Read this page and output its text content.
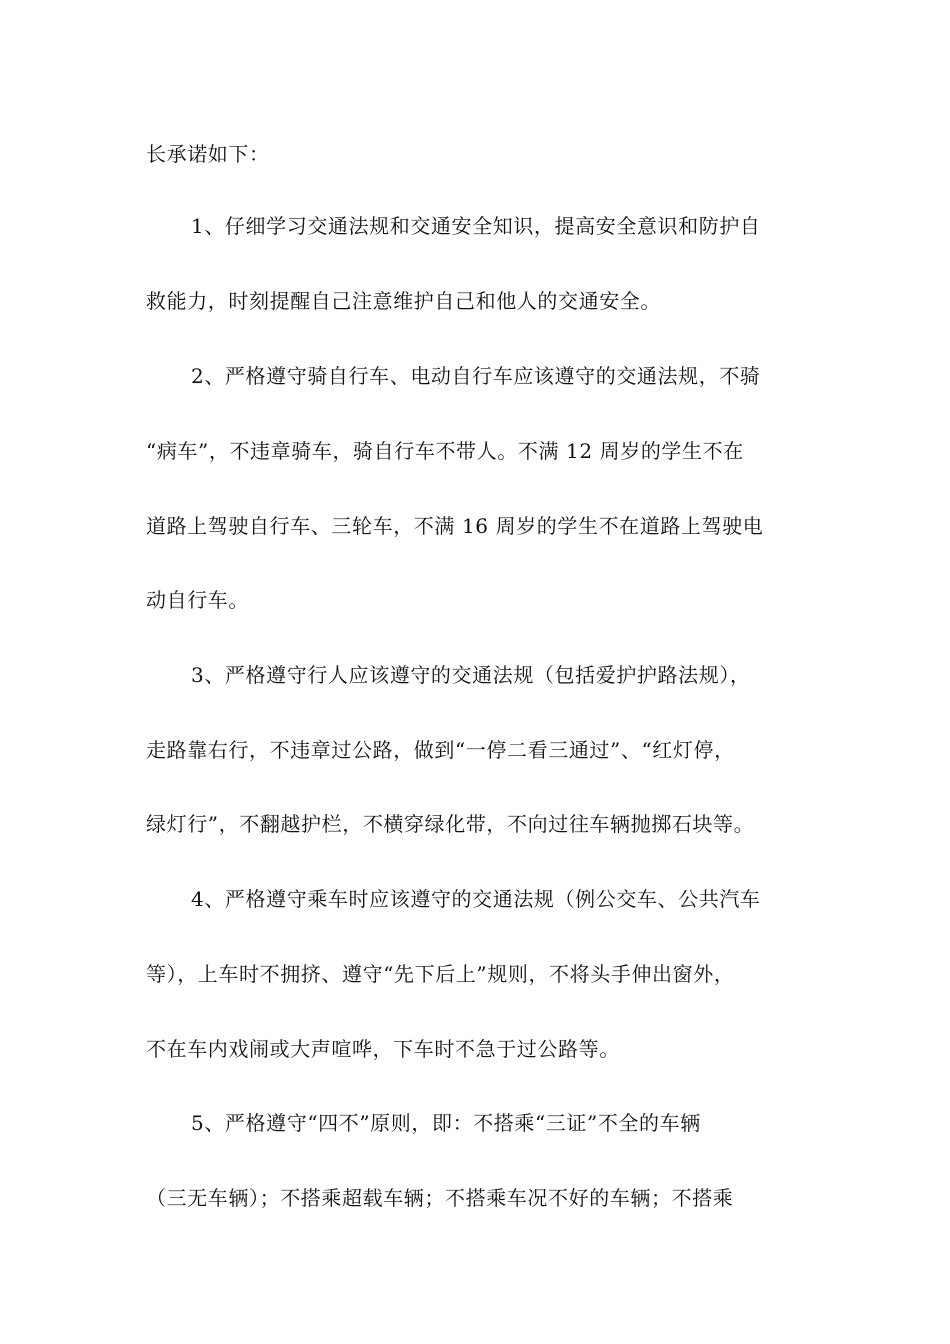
长承诺如下：
1、仔细学习交通法规和交通安全知识，提高安全意识和防护自
救能力，时刻提醒自己注意维护自己和他人的交通安全。
2、严格遵守骑自行车、电动自行车应该遵守的交通法规，不骑
“病车”，不违章骑车，骑自行车不带人。不满 12 周岁的学生不在
道路上驾驶自行车、三轮车，不满 16 周岁的学生不在道路上驾驶电
动自行车。
3、严格遵守行人应该遵守的交通法规（包括爱护护路法规），
走路靠右行，不违章过公路，做到“一停二看三通过”、“红灯停，
绿灯行”，不翻越护栏，不横穿绿化带，不向过往车辆抛掷石块等。
4、严格遵守乘车时应该遵守的交通法规（例公交车、公共汽车
等），上车时不拥挤、遵守“先下后上”规则，不将头手伸出窗外，
不在车内戏闹或大声喧哗，下车时不急于过公路等。
5、严格遵守“四不”原则，即：不搭乘“三证”不全的车辆
（三无车辆）；不搭乘超载车辆；不搭乘车况不好的车辆；不搭乘
